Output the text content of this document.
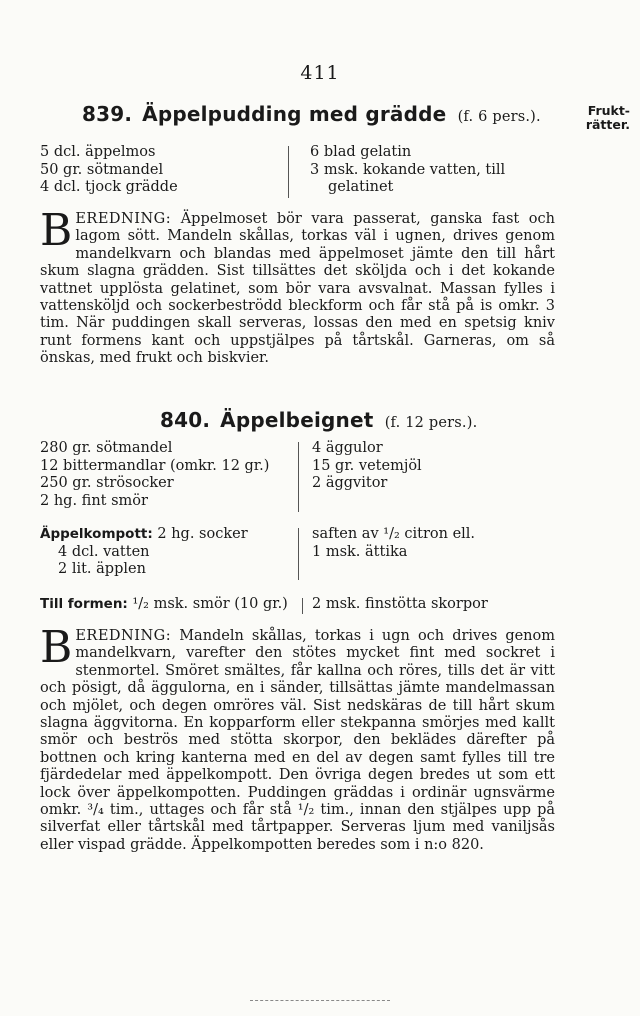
411
Frukt-
rätter.
839. Äppelpudding med grädde (f. 6 pers.).
5 dcl. äppelmos
50 gr. sötmandel
4 dcl. tjock grädde
6 blad gelatin
3 msk. kokande vatten, till
gelatinet

BEREDNING: Äppelmoset bör vara passerat, ganska fast och lagom sött. Mandeln skållas, torkas väl i ugnen, drives genom mandelkvarn och blandas med äppelmoset jämte den till hårt skum slagna grädden. Sist tillsättes det sköljda och i det kokande vattnet upplösta gelatinet, som bör vara avsvalnat. Massan fylles i vattensköljd och sockerbeströdd bleckform och får stå på is omkr. 3 tim. När puddingen skall serveras, lossas den med en spetsig kniv runt formens kant och uppstjälpes på tårtskål. Garneras, om så önskas, med frukt och biskvier.

840. Äppelbeignet (f. 12 pers.).
280 gr. sötmandel
12 bittermandlar (omkr. 12 gr.)
250 gr. strösocker
2 hg. fint smör
4 äggulor
15 gr. vetemjöl
2 äggvitor
Äppelkompott: 2 hg. socker
4 dcl. vatten
2 lit. äpplen
saften av ¹/₂ citron ell.
1 msk. ättika
Till formen: ¹/₂ msk. smör (10 gr.) 2 msk. finstötta skorpor

BEREDNING: Mandeln skållas, torkas i ugn och drives genom mandelkvarn, varefter den stötes mycket fint med sockret i stenmortel. Smöret smältes, får kallna och röres, tills det är vitt och pösigt, då äggulorna, en i sänder, tillsättas jämte mandelmassan och mjölet, och degen omröres väl. Sist nedskäras de till hårt skum slagna äggvitorna. En kopparform eller stekpanna smörjes med kallt smör och beströs med stötta skorpor, den beklädes därefter på bottnen och kring kanterna med en del av degen samt fylles till tre fjärdedelar med äppelkompott. Den övriga degen bredes ut som ett lock över äppelkompotten. Puddingen gräddas i ordinär ugnsvärme omkr. ³/₄ tim., uttages och får stå ¹/₂ tim., innan den stjälpes upp på silverfat eller tårtskål med tårtpapper. Serveras ljum med vaniljsås eller vispad grädde. Äppelkompotten beredes som i n:o 820.
